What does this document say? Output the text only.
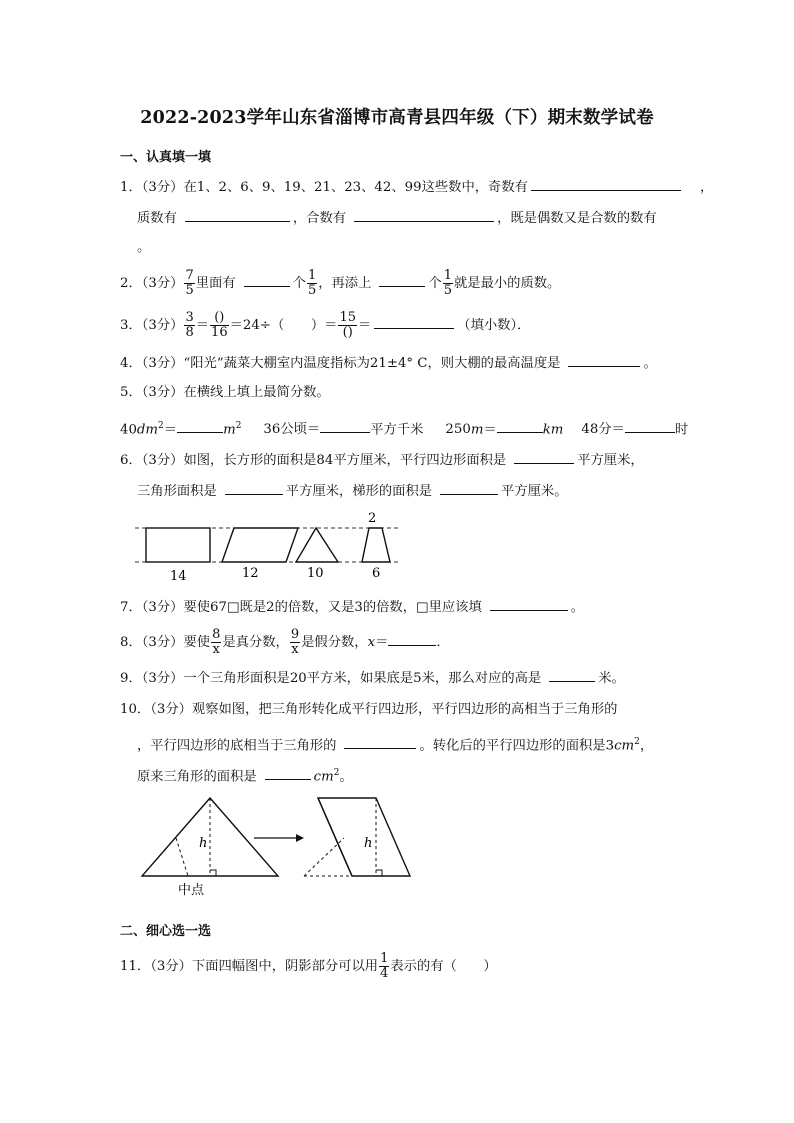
2022-2023学年山东省淄博市高青县四年级（下）期末数学试卷
一、认真填一填
1．（3分）在1、2、6、9、19、21、23、42、99这些数中，奇数有	，
质数有	，合数有	，既是偶数又是合数的数有
。
2．（3分） $\frac{7}{5}$ 里面有	个 $\frac{1}{5}$ ，再添上	个 $\frac{1}{5}$ 就是最小的质数。
3．（3分） $\frac{3}{8} = \frac{()}{16} =24\div$（　　）＝ $\frac{15}{()}$ ＝	（填小数）．
4．（3分）“阳光”蔬菜大棚室内温度指标为21±4° C，则大棚的最高温度是	。
5．（3分）在横线上填上最简分数。
$40dm^2=$	$m^2$ 36公顷＝	平方千米 250m＝	km 48分＝	时
6．（3分）如图，长方形的面积是84平方厘米，平行四边形面积是	平方厘米，
三角形面积是	平方厘米，梯形的面积是	平方厘米。
14	12	10	6
2
7．（3分）要使67□既是2的倍数，又是3的倍数，□里应该填	。
8．（3分）要使 $\frac{8}{x}$ 是真分数， $\frac{9}{x}$ 是假分数，x＝	．
9．（3分）一个三角形面积是20平方米，如果底是5米，那么对应的高是	米。
10．（3分）观察如图，把三角形转化成平行四边形，平行四边形的高相当于三角形的
，平行四边形的底相当于三角形的	。转化后的平行四边形的面积是$3cm^2$，
原来三角形的面积是	$cm^2$。
h
中点
h
二、细心选一选
11．（3分）下面四幅图中，阴影部分可以用 $\frac{1}{4}$ 表示的有（　　）
